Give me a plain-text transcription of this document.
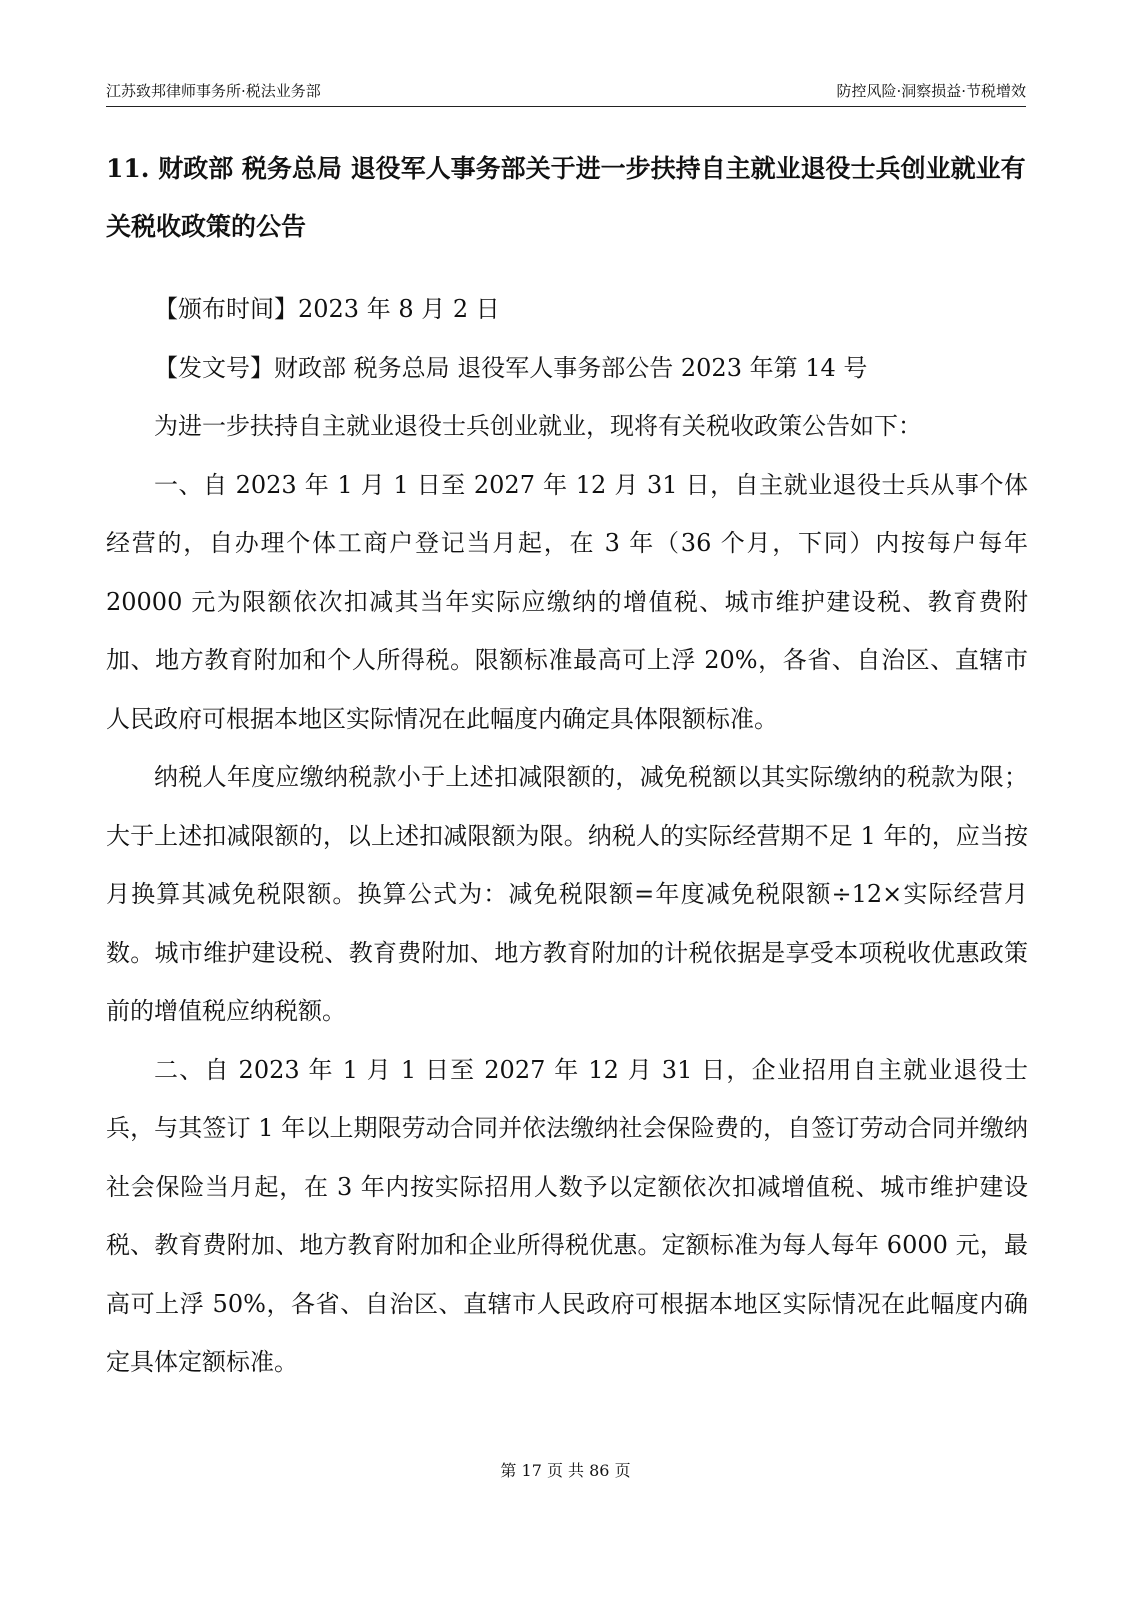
江苏致邦律师事务所·税法业务部	防控风险·洞察损益·节税增效
11. 财政部 税务总局 退役军人事务部关于进一步扶持自主就业退役士兵创业就业有关税收政策的公告

【颁布时间】2023 年 8 月 2 日

【发文号】财政部 税务总局 退役军人事务部公告 2023 年第 14 号

为进一步扶持自主就业退役士兵创业就业，现将有关税收政策公告如下：

一、自 2023 年 1 月 1 日至 2027 年 12 月 31 日，自主就业退役士兵从事个体经营的，自办理个体工商户登记当月起，在 3 年（36 个月，下同）内按每户每年 20000 元为限额依次扣减其当年实际应缴纳的增值税、城市维护建设税、教育费附加、地方教育附加和个人所得税。限额标准最高可上浮 20%，各省、自治区、直辖市人民政府可根据本地区实际情况在此幅度内确定具体限额标准。

纳税人年度应缴纳税款小于上述扣减限额的，减免税额以其实际缴纳的税款为限；大于上述扣减限额的，以上述扣减限额为限。纳税人的实际经营期不足 1 年的，应当按月换算其减免税限额。换算公式为：减免税限额=年度减免税限额÷12×实际经营月数。城市维护建设税、教育费附加、地方教育附加的计税依据是享受本项税收优惠政策前的增值税应纳税额。

二、自 2023 年 1 月 1 日至 2027 年 12 月 31 日，企业招用自主就业退役士兵，与其签订 1 年以上期限劳动合同并依法缴纳社会保险费的，自签订劳动合同并缴纳社会保险当月起，在 3 年内按实际招用人数予以定额依次扣减增值税、城市维护建设税、教育费附加、地方教育附加和企业所得税优惠。定额标准为每人每年 6000 元，最高可上浮 50%，各省、自治区、直辖市人民政府可根据本地区实际情况在此幅度内确定具体定额标准。

第 17 页 共 86 页
